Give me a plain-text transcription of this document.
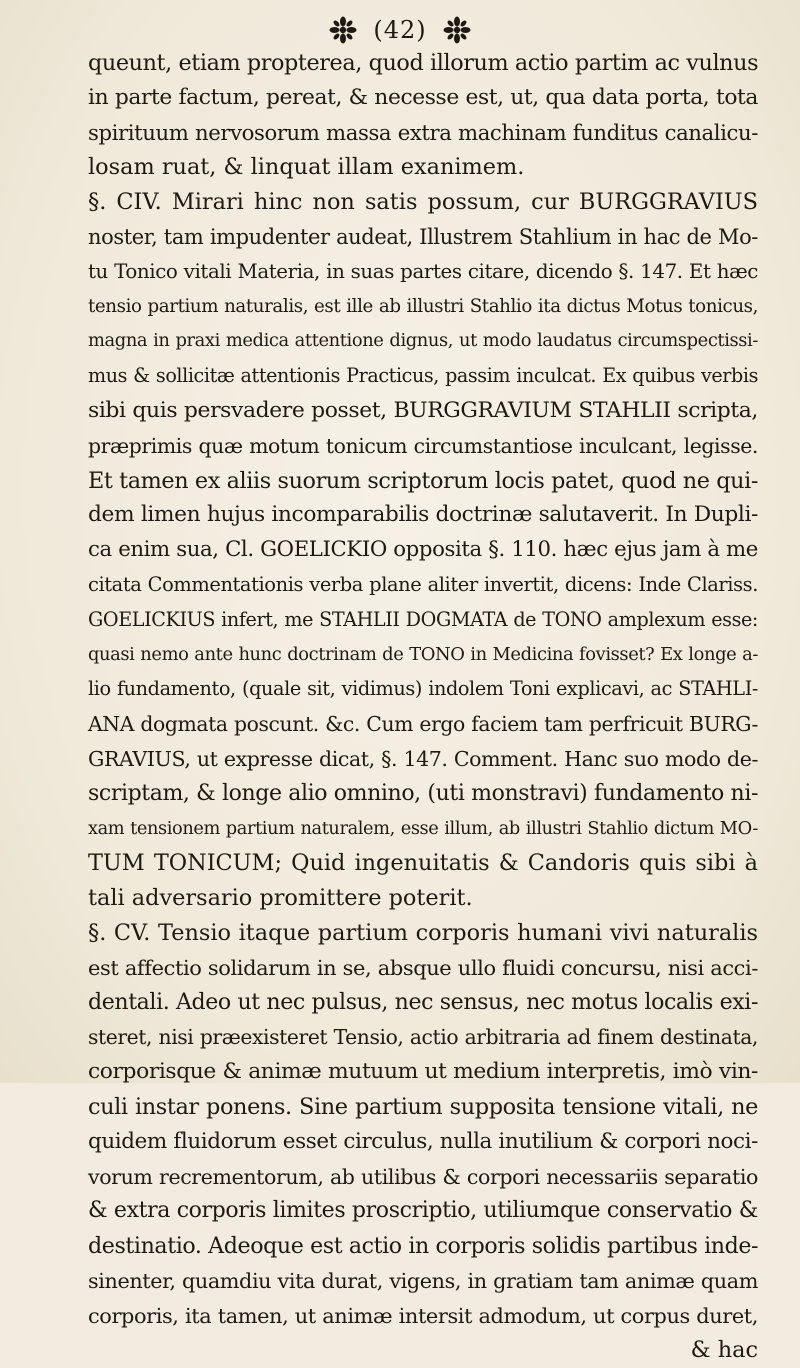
(42)
queunt, etiam propterea, quod illorum actio partim ac vulnus
in parte factum, pereat, & necesse est, ut, qua data porta, tota
spirituum nervosorum massa extra machinam funditus canalicu-
losam ruat, & linquat illam exanimem.
§. CIV. Mirari hinc non satis possum, cur BURGGRAVIUS
noster, tam impudenter audeat, Illustrem Stahlium in hac de Mo-
tu Tonico vitali Materia, in suas partes citare, dicendo §. 147. Et hæc
tensio partium naturalis, est ille ab illustri Stahlio ita dictus Motus tonicus,
magna in praxi medica attentione dignus, ut modo laudatus circumspectissi-
mus & sollicitæ attentionis Practicus, passim inculcat. Ex quibus verbis
sibi quis persvadere posset, BURGGRAVIUM STAHLII scripta,
præprimis quæ motum tonicum circumstantiose inculcant, legisse.
Et tamen ex aliis suorum scriptorum locis patet, quod ne qui-
dem limen hujus incomparabilis doctrinæ salutaverit. In Dupli-
ca enim sua, Cl. GOELICKIO opposita §. 110. hæc ejus jam à me
citata Commentationis verba plane aliter invertit, dicens: Inde Clariss.
GOELICKIUS infert, me STAHLII DOGMATA de TONO amplexum esse:
quasi nemo ante hunc doctrinam de TONO in Medicina fovisset? Ex longe a-
lio fundamento, (quale sit, vidimus) indolem Toni explicavi, ac STAHLI-
ANA dogmata poscunt. &c. Cum ergo faciem tam perfricuit BURG-
GRAVIUS, ut expresse dicat, §. 147. Comment. Hanc suo modo de-
scriptam, & longe alio omnino, (uti monstravi) fundamento ni-
xam tensionem partium naturalem, esse illum, ab illustri Stahlio dictum MO-
TUM TONICUM; Quid ingenuitatis & Candoris quis sibi à
tali adversario promittere poterit.
§. CV. Tensio itaque partium corporis humani vivi naturalis
est affectio solidarum in se, absque ullo fluidi concursu, nisi acci-
dentali. Adeo ut nec pulsus, nec sensus, nec motus localis exi-
steret, nisi præexisteret Tensio, actio arbitraria ad finem destinata,
corporisque & animæ mutuum ut medium interpretis, imò vin-
culi instar ponens. Sine partium supposita tensione vitali, ne
quidem fluidorum esset circulus, nulla inutilium & corpori noci-
vorum recrementorum, ab utilibus & corpori necessariis separatio
& extra corporis limites proscriptio, utiliumque conservatio &
destinatio. Adeoque est actio in corporis solidis partibus inde-
sinenter, quamdiu vita durat, vigens, in gratiam tam animæ quam
corporis, ita tamen, ut animæ intersit admodum, ut corpus duret,
& hac
